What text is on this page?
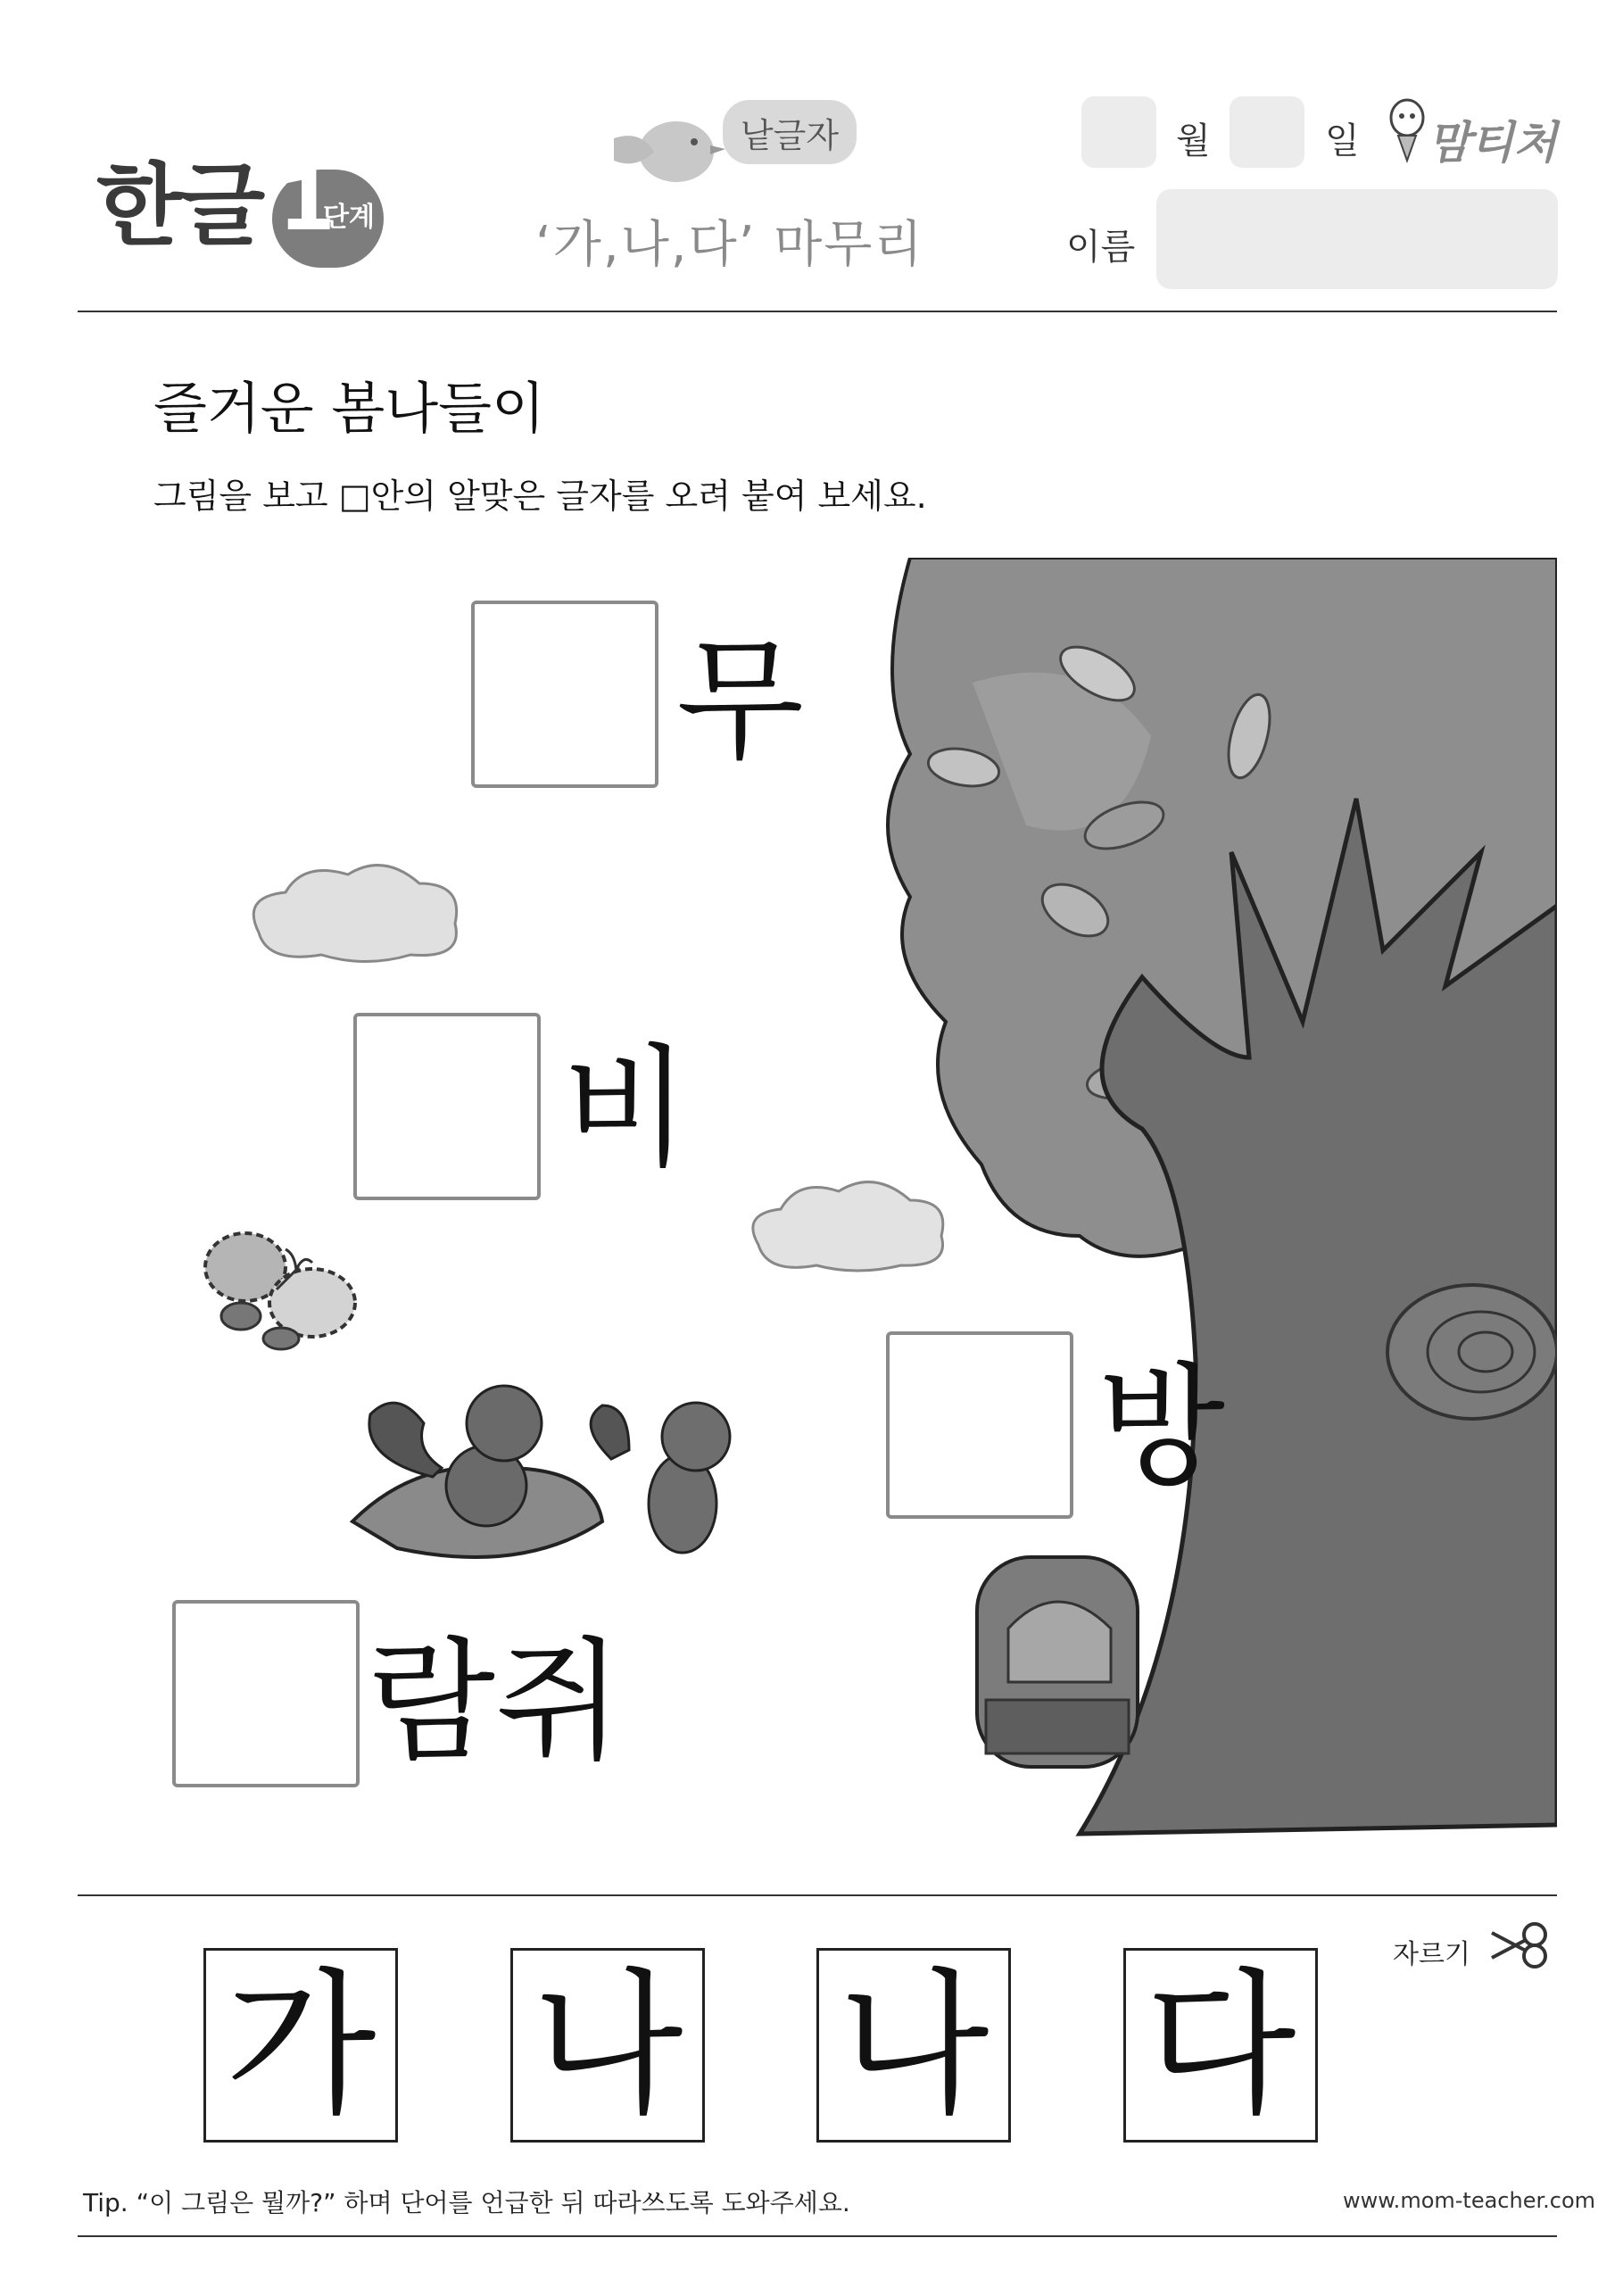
한글 1
단계
낱글자
‘가,나,다’ 마무리
월	일 맘티처
이름
즐거운 봄나들이
그림을 보고 □안의 알맞은 글자를 오려 붙여 보세요.
무
비
방
람쥐
자르기
가 나 나 다
Tip. “이 그림은 뭘까?” 하며 단어를 언급한 뒤 따라쓰도록 도와주세요.	www.mom-teacher.com
